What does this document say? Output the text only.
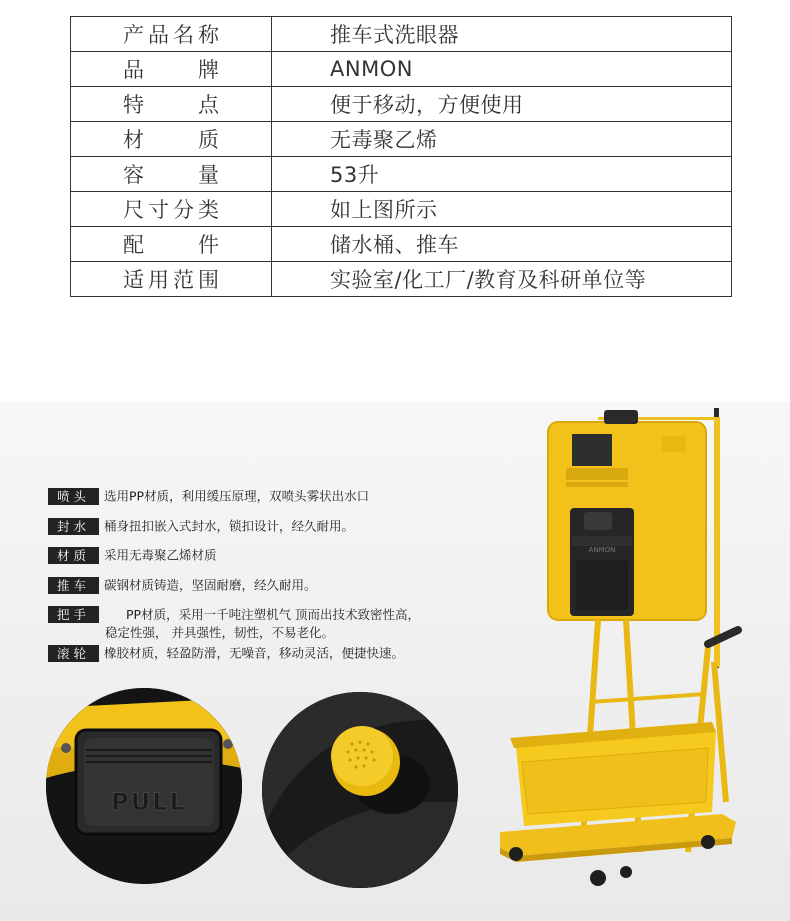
产品名称	推车式洗眼器
品牌	ANMON
特点	便于移动，方便使用
材质	无毒聚乙烯
容量	53升
尺寸分类	如上图所示
配件	储水桶、推车
适用范围	实验室/化工厂/教育及科研单位等
喷头 选用PP材质，利用缓压原理，双喷头雾状出水口
封水 桶身扭扣嵌入式封水，锁扣设计，经久耐用。
材质 采用无毒聚乙烯材质
推车 碳钢材质铸造，坚固耐磨，经久耐用。
把手	PP材质，采用一千吨注塑机气 顶而出技术致密性高，
稳定性强， 并具强性，韧性，不易老化。
滚轮 橡胶材质，轻盈防滑，无噪音，移动灵活，便捷快速。
PULL
ANMON
